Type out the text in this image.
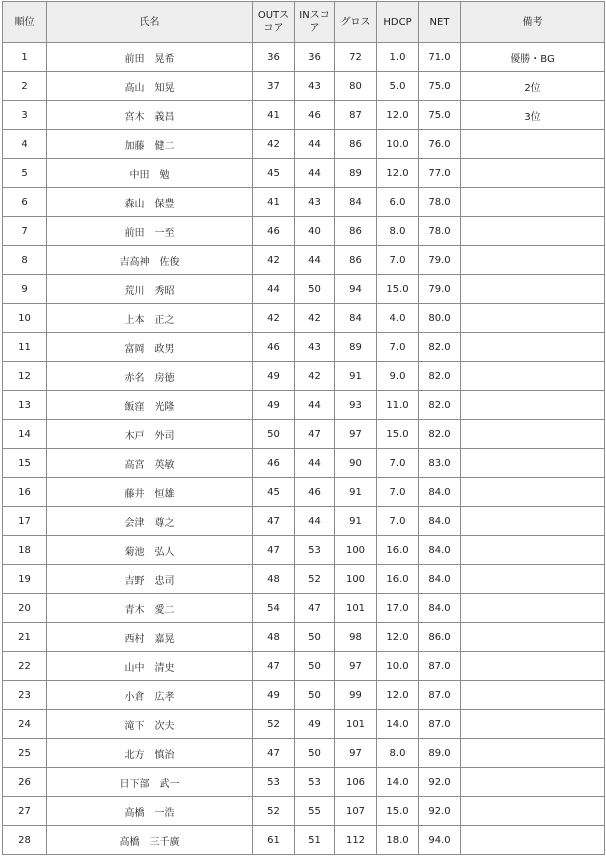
順位	氏名	OUTスコア	INスコア	グロス	HDCP	NET	備考
1	前田　晃希	36	36	72	1.0	71.0	優勝・BG
2	高山　知晃	37	43	80	5.0	75.0	2位
3	宮木　義昌	41	46	87	12.0	75.0	3位
4	加藤　健二	42	44	86	10.0	76.0	
5	中田　勉	45	44	89	12.0	77.0	
6	森山　保豊	41	43	84	6.0	78.0	
7	前田　一至	46	40	86	8.0	78.0	
8	吉高神　佐俊	42	44	86	7.0	79.0	
9	荒川　秀昭	44	50	94	15.0	79.0	
10	上本　正之	42	42	84	4.0	80.0	
11	富岡　政男	46	43	89	7.0	82.0	
12	赤名　房徳	49	42	91	9.0	82.0	
13	飯窪　光隆	49	44	93	11.0	82.0	
14	木戸　外司	50	47	97	15.0	82.0	
15	高宮　英敏	46	44	90	7.0	83.0	
16	藤井　恒雄	45	46	91	7.0	84.0	
17	会津　尊之	47	44	91	7.0	84.0	
18	菊池　弘人	47	53	100	16.0	84.0	
19	吉野　忠司	48	52	100	16.0	84.0	
20	青木　愛二	54	47	101	17.0	84.0	
21	西村　嘉晃	48	50	98	12.0	86.0	
22	山中　清史	47	50	97	10.0	87.0	
23	小倉　広孝	49	50	99	12.0	87.0	
24	滝下　次夫	52	49	101	14.0	87.0	
25	北方　慎治	47	50	97	8.0	89.0	
26	日下部　武一	53	53	106	14.0	92.0	
27	高橋　一浩	52	55	107	15.0	92.0	
28	高橋　三千廣	61	51	112	18.0	94.0	
